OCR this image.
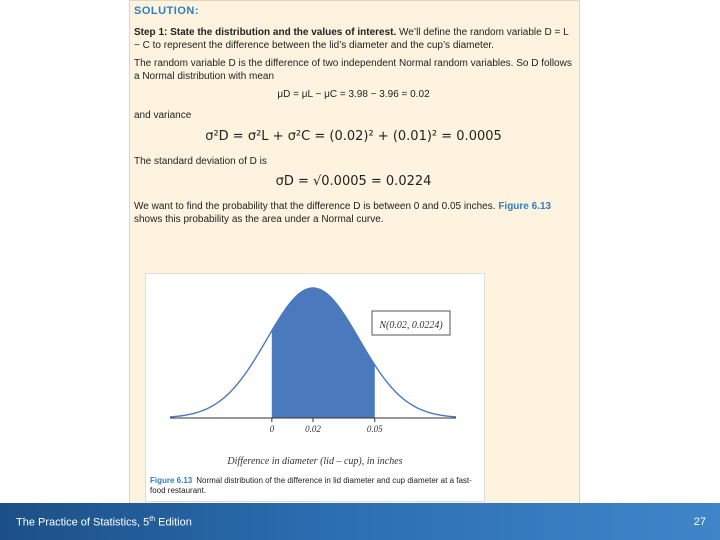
SOLUTION:
Step 1: State the distribution and the values of interest. We’ll define the random variable D = L − C to represent the difference between the lid’s diameter and the cup’s diameter.
The random variable D is the difference of two independent Normal random variables. So D follows a Normal distribution with mean
μD = μL − μC = 3.98 − 3.96 = 0.02
and variance
σ²D = σ²L + σ²C = (0.02)² + (0.01)² = 0.0005
The standard deviation of D is
σD = √0.0005 = 0.0224
We want to find the probability that the difference D is between 0 and 0.05 inches. Figure 6.13 shows this probability as the area under a Normal curve.
0	0.02	0.05
N(0.02, 0.0224)
Difference in diameter (lid – cup), in inches
Figure 6.13 Normal distribution of the difference in lid diameter and cup diameter at a fast-food restaurant.
The Practice of Statistics, 5th Edition	27
